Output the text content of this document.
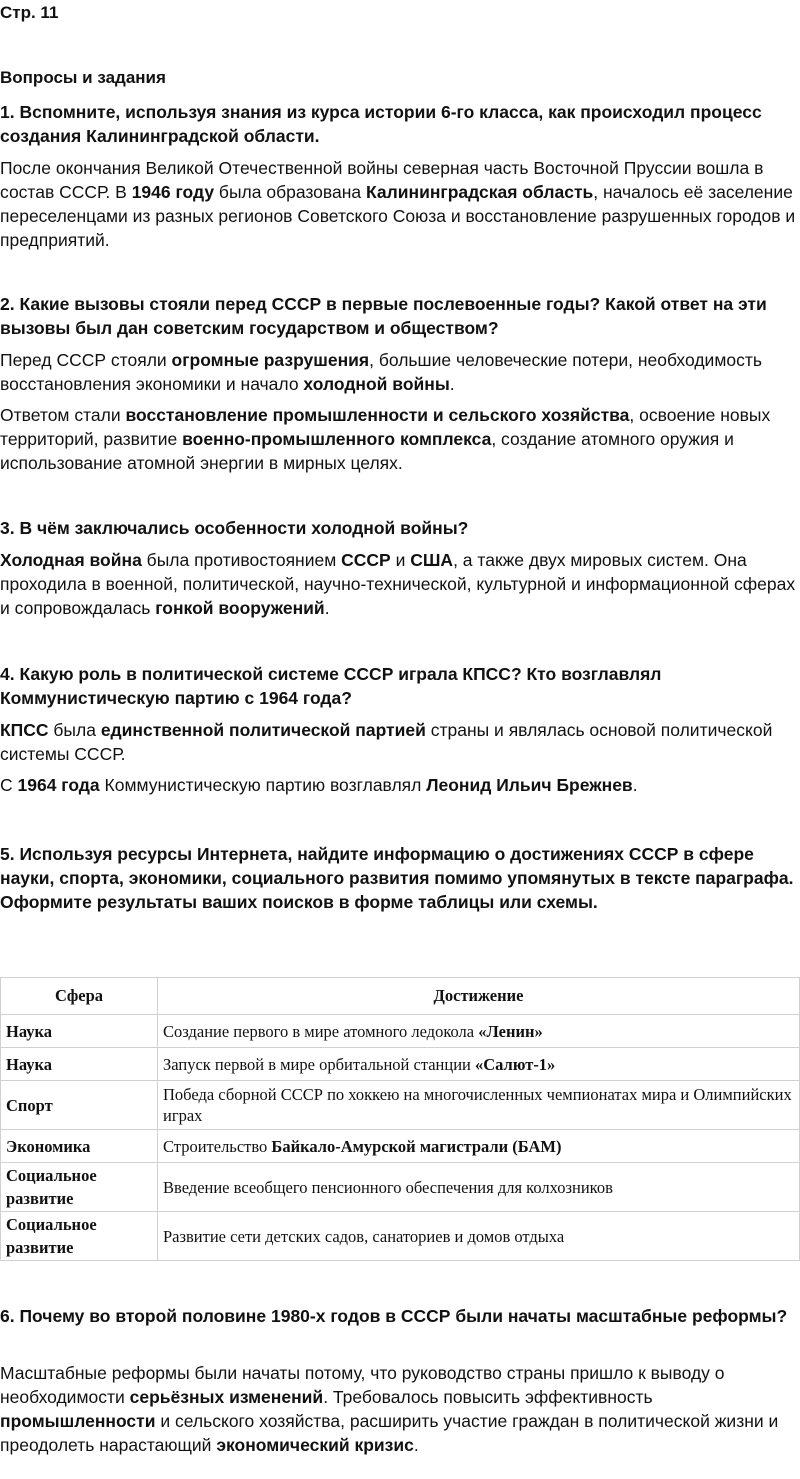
Стр. 11

Вопросы и задания

1. Вспомните, используя знания из курса истории 6-го класса, как происходил процесс создания Калининградской области.

После окончания Великой Отечественной войны северная часть Восточной Пруссии вошла в состав СССР. В 1946 году была образована Калининградская область, началось её заселение переселенцами из разных регионов Советского Союза и восстановление разрушенных городов и предприятий.

2. Какие вызовы стояли перед СССР в первые послевоенные годы? Какой ответ на эти вызовы был дан советским государством и обществом?

Перед СССР стояли огромные разрушения, большие человеческие потери, необходимость восстановления экономики и начало холодной войны.

Ответом стали восстановление промышленности и сельского хозяйства, освоение новых территорий, развитие военно-промышленного комплекса, создание атомного оружия и использование атомной энергии в мирных целях.

3. В чём заключались особенности холодной войны?

Холодная война была противостоянием СССР и США, а также двух мировых систем. Она проходила в военной, политической, научно-технической, культурной и информационной сферах и сопровождалась гонкой вооружений.

4. Какую роль в политической системе СССР играла КПСС? Кто возглавлял Коммунистическую партию с 1964 года?

КПСС была единственной политической партией страны и являлась основой политической системы СССР.

С 1964 года Коммунистическую партию возглавлял Леонид Ильич Брежнев.

5. Используя ресурсы Интернета, найдите информацию о достижениях СССР в сфере науки, спорта, экономики, социального развития помимо упомянутых в тексте параграфа. Оформите результаты ваших поисков в форме таблицы или схемы.

Сфера	Достижение
Наука	Создание первого в мире атомного ледокола «Ленин»
Наука	Запуск первой в мире орбитальной станции «Салют-1»
Спорт	Победа сборной СССР по хоккею на многочисленных чемпионатах мира и Олимпийских играх
Экономика	Строительство Байкало-Амурской магистрали (БАМ)
Социальное развитие	Введение всеобщего пенсионного обеспечения для колхозников
Социальное развитие	Развитие сети детских садов, санаториев и домов отдыха

6. Почему во второй половине 1980-х годов в СССР были начаты масштабные реформы?

Масштабные реформы были начаты потому, что руководство страны пришло к выводу о необходимости серьёзных изменений. Требовалось повысить эффективность промышленности и сельского хозяйства, расширить участие граждан в политической жизни и преодолеть нарастающий экономический кризис.
